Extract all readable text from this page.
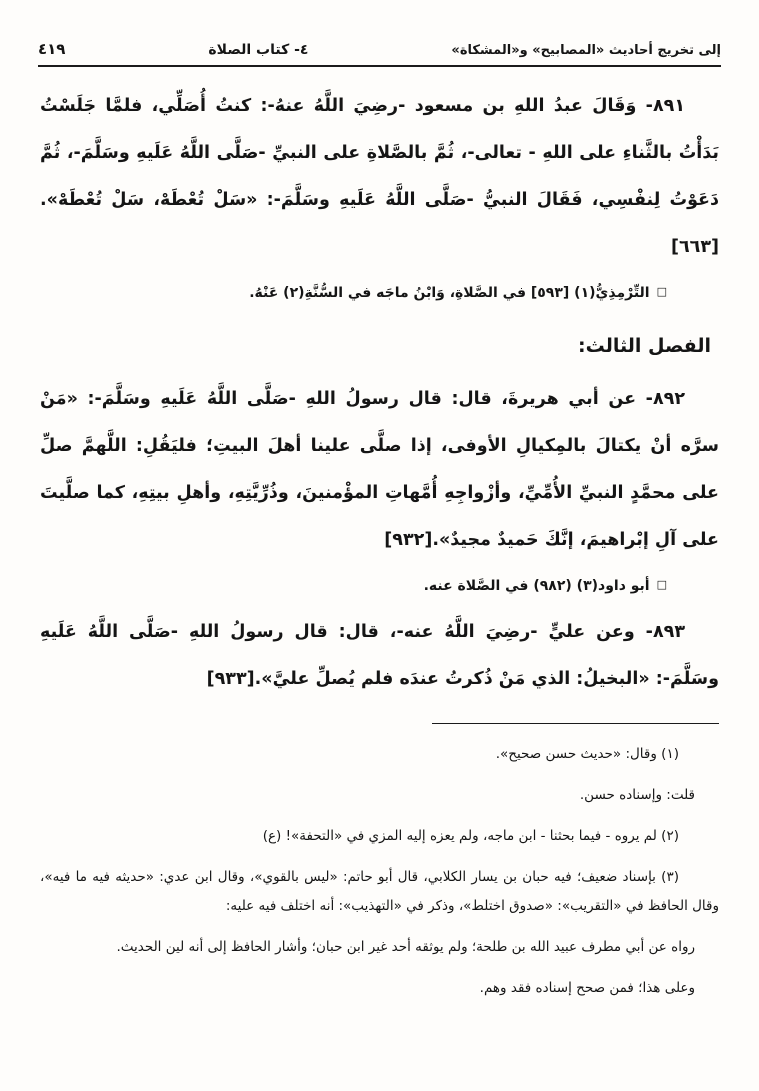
إلى تخريج أحاديث «المصابيح» و«المشكاة»
٤- كتاب الصلاة
٤١٩

٨٩١- وَقَالَ عبدُ اللهِ بن مسعود -رضِيَ اللَّهُ عنهُ-: كنتُ أُصَلِّي، فلمَّا جَلَسْتُ بَدَأْتُ بالثَّناءِ على اللهِ - تعالى-، ثُمَّ بالصَّلاةِ على النبيِّ -صَلَّى اللَّهُ عَلَيهِ وسَلَّمَ-، ثُمَّ دَعَوْتُ لِنفْسِي، فَقَالَ النبيُّ -صَلَّى اللَّهُ عَلَيهِ وسَلَّمَ-: «سَلْ تُعْطَهْ، سَلْ تُعْطَهْ».[٦٦٣]

□التِّرْمِذِيُّ(١) [٥٩٣] في الصَّلاةِ، وَابْنُ ماجَه في السُّنَّةِ(٢) عَنْهُ.

الفصل الثالث:

٨٩٢- عن أبي هريرةَ، قال: قال رسولُ اللهِ -صَلَّى اللَّهُ عَلَيهِ وسَلَّمَ-: «مَنْ سرَّه أنْ يكتالَ بالمِكيالِ الأوفى، إذا صلَّى علينا أهلَ البيتِ؛ فليَقُلِ: اللَّهمَّ صلِّ على محمَّدٍ النبيِّ الأُمِّيِّ، وأزْواجِهِ أُمَّهاتِ المؤْمنينَ، وذُرِّيَّتِهِ، وأهلِ بيتِهِ، كما صلَّيتَ على آلِ إبْراهيمَ، إنَّكَ حَميدٌ مجيدٌ».[٩٣٢]

□أبو داود(٣) (٩٨٢) في الصَّلاة عنه.

٨٩٣- وعن عليٍّ -رضِيَ اللَّهُ عنه-، قال: قال رسولُ اللهِ -صَلَّى اللَّهُ عَلَيهِ وسَلَّمَ-: «البخيلُ: الذي مَنْ ذُكرتُ عندَه فلم يُصلِّ عليَّ».[٩٣٣]

(١) وقال: «حديث حسن صحيح».

قلت: وإسناده حسن.

(٢) لم يروه - فيما بحثنا - ابن ماجه، ولم يعزه إليه المزي في «التحفة»! (ع)

(٣) بإسناد ضعيف؛ فيه حبان بن يسار الكلابي، قال أبو حاتم: «ليس بالقوي»، وقال ابن عدي: «حديثه فيه ما فيه»، وقال الحافظ في «التقريب»: «صدوق اختلط»، وذكر في «التهذيب»: أنه اختلف فيه عليه:

رواه عن أبي مطرف عبيد الله بن طلحة؛ ولم يوثقه أحد غير ابن حبان؛ وأشار الحافظ إلى أنه لين الحديث.

وعلى هذا؛ فمن صحح إسناده فقد وهم.
